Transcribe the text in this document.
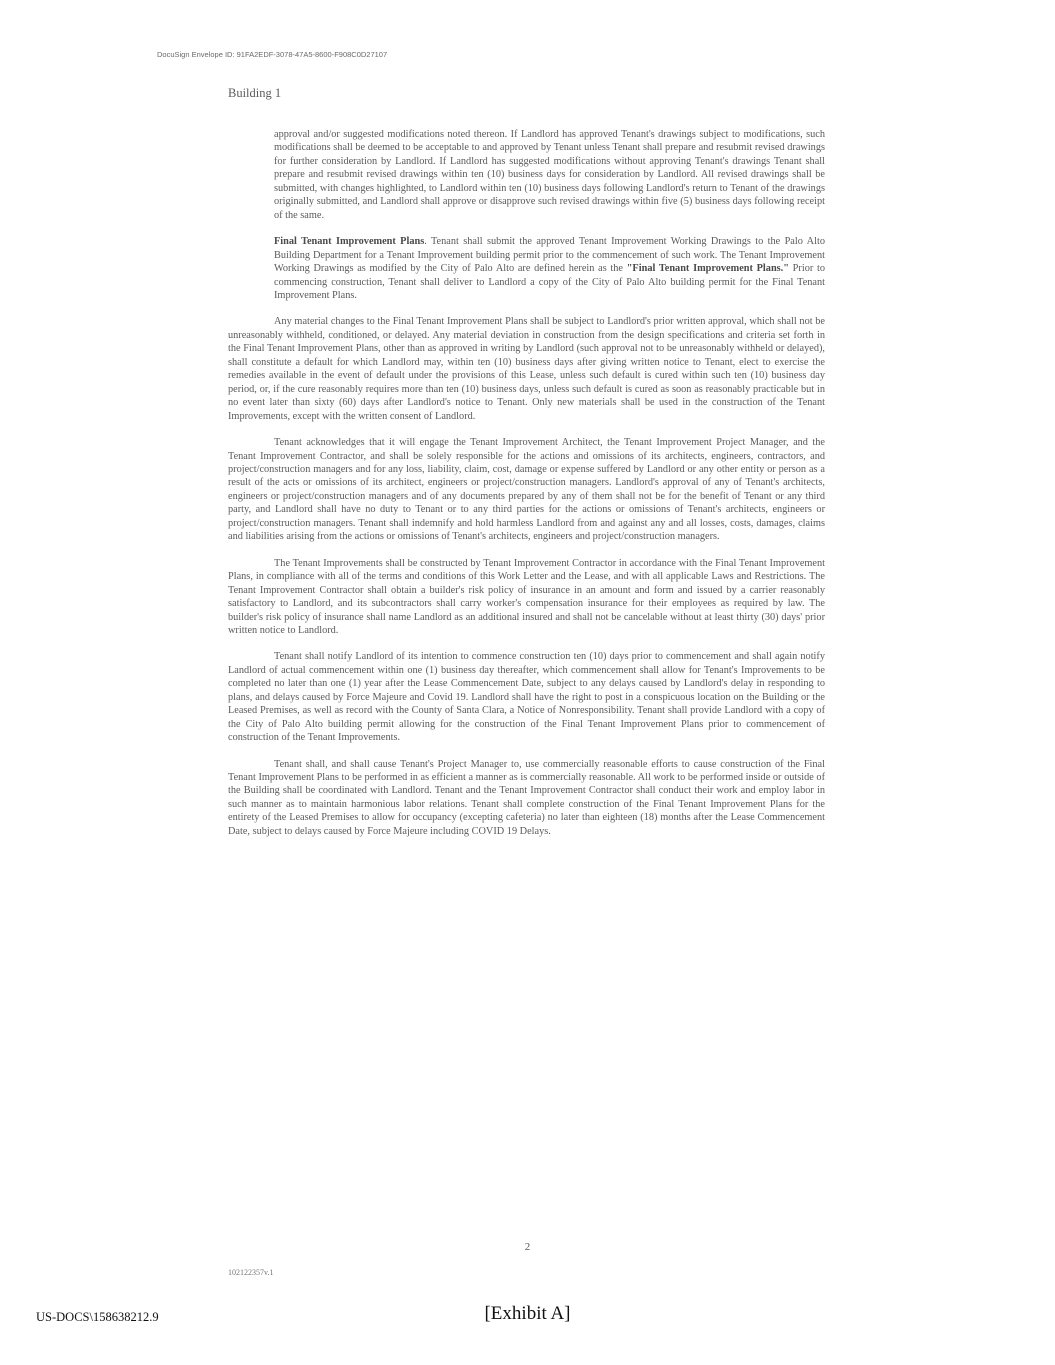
DocuSign Envelope ID: 91FA2EDF-3078-47A5-8600-F908C0D27107
Building 1

approval and/or suggested modifications noted thereon. If Landlord has approved Tenant's drawings subject to modifications, such modifications shall be deemed to be acceptable to and approved by Tenant unless Tenant shall prepare and resubmit revised drawings for further consideration by Landlord. If Landlord has suggested modifications without approving Tenant's drawings Tenant shall prepare and resubmit revised drawings within ten (10) business days for consideration by Landlord. All revised drawings shall be submitted, with changes highlighted, to Landlord within ten (10) business days following Landlord's return to Tenant of the drawings originally submitted, and Landlord shall approve or disapprove such revised drawings within five (5) business days following receipt of the same.

Final Tenant Improvement Plans. Tenant shall submit the approved Tenant Improvement Working Drawings to the Palo Alto Building Department for a Tenant Improvement building permit prior to the commencement of such work. The Tenant Improvement Working Drawings as modified by the City of Palo Alto are defined herein as the "Final Tenant Improvement Plans." Prior to commencing construction, Tenant shall deliver to Landlord a copy of the City of Palo Alto building permit for the Final Tenant Improvement Plans.

Any material changes to the Final Tenant Improvement Plans shall be subject to Landlord's prior written approval, which shall not be unreasonably withheld, conditioned, or delayed. Any material deviation in construction from the design specifications and criteria set forth in the Final Tenant Improvement Plans, other than as approved in writing by Landlord (such approval not to be unreasonably withheld or delayed), shall constitute a default for which Landlord may, within ten (10) business days after giving written notice to Tenant, elect to exercise the remedies available in the event of default under the provisions of this Lease, unless such default is cured within such ten (10) business day period, or, if the cure reasonably requires more than ten (10) business days, unless such default is cured as soon as reasonably practicable but in no event later than sixty (60) days after Landlord's notice to Tenant. Only new materials shall be used in the construction of the Tenant Improvements, except with the written consent of Landlord.

Tenant acknowledges that it will engage the Tenant Improvement Architect, the Tenant Improvement Project Manager, and the Tenant Improvement Contractor, and shall be solely responsible for the actions and omissions of its architects, engineers, contractors, and project/construction managers and for any loss, liability, claim, cost, damage or expense suffered by Landlord or any other entity or person as a result of the acts or omissions of its architect, engineers or project/construction managers. Landlord's approval of any of Tenant's architects, engineers or project/construction managers and of any documents prepared by any of them shall not be for the benefit of Tenant or any third party, and Landlord shall have no duty to Tenant or to any third parties for the actions or omissions of Tenant's architects, engineers or project/construction managers. Tenant shall indemnify and hold harmless Landlord from and against any and all losses, costs, damages, claims and liabilities arising from the actions or omissions of Tenant's architects, engineers and project/construction managers.

The Tenant Improvements shall be constructed by Tenant Improvement Contractor in accordance with the Final Tenant Improvement Plans, in compliance with all of the terms and conditions of this Work Letter and the Lease, and with all applicable Laws and Restrictions. The Tenant Improvement Contractor shall obtain a builder's risk policy of insurance in an amount and form and issued by a carrier reasonably satisfactory to Landlord, and its subcontractors shall carry worker's compensation insurance for their employees as required by law. The builder's risk policy of insurance shall name Landlord as an additional insured and shall not be cancelable without at least thirty (30) days' prior written notice to Landlord.

Tenant shall notify Landlord of its intention to commence construction ten (10) days prior to commencement and shall again notify Landlord of actual commencement within one (1) business day thereafter, which commencement shall allow for Tenant's Improvements to be completed no later than one (1) year after the Lease Commencement Date, subject to any delays caused by Landlord's delay in responding to plans, and delays caused by Force Majeure and Covid 19. Landlord shall have the right to post in a conspicuous location on the Building or the Leased Premises, as well as record with the County of Santa Clara, a Notice of Nonresponsibility. Tenant shall provide Landlord with a copy of the City of Palo Alto building permit allowing for the construction of the Final Tenant Improvement Plans prior to commencement of construction of the Tenant Improvements.

Tenant shall, and shall cause Tenant's Project Manager to, use commercially reasonable efforts to cause construction of the Final Tenant Improvement Plans to be performed in as efficient a manner as is commercially reasonable. All work to be performed inside or outside of the Building shall be coordinated with Landlord. Tenant and the Tenant Improvement Contractor shall conduct their work and employ labor in such manner as to maintain harmonious labor relations. Tenant shall complete construction of the Final Tenant Improvement Plans for the entirety of the Leased Premises to allow for occupancy (excepting cafeteria) no later than eighteen (18) months after the Lease Commencement Date, subject to delays caused by Force Majeure including COVID 19 Delays.

2
102122357v.1
US-DOCS\158638212.9	[Exhibit A]
